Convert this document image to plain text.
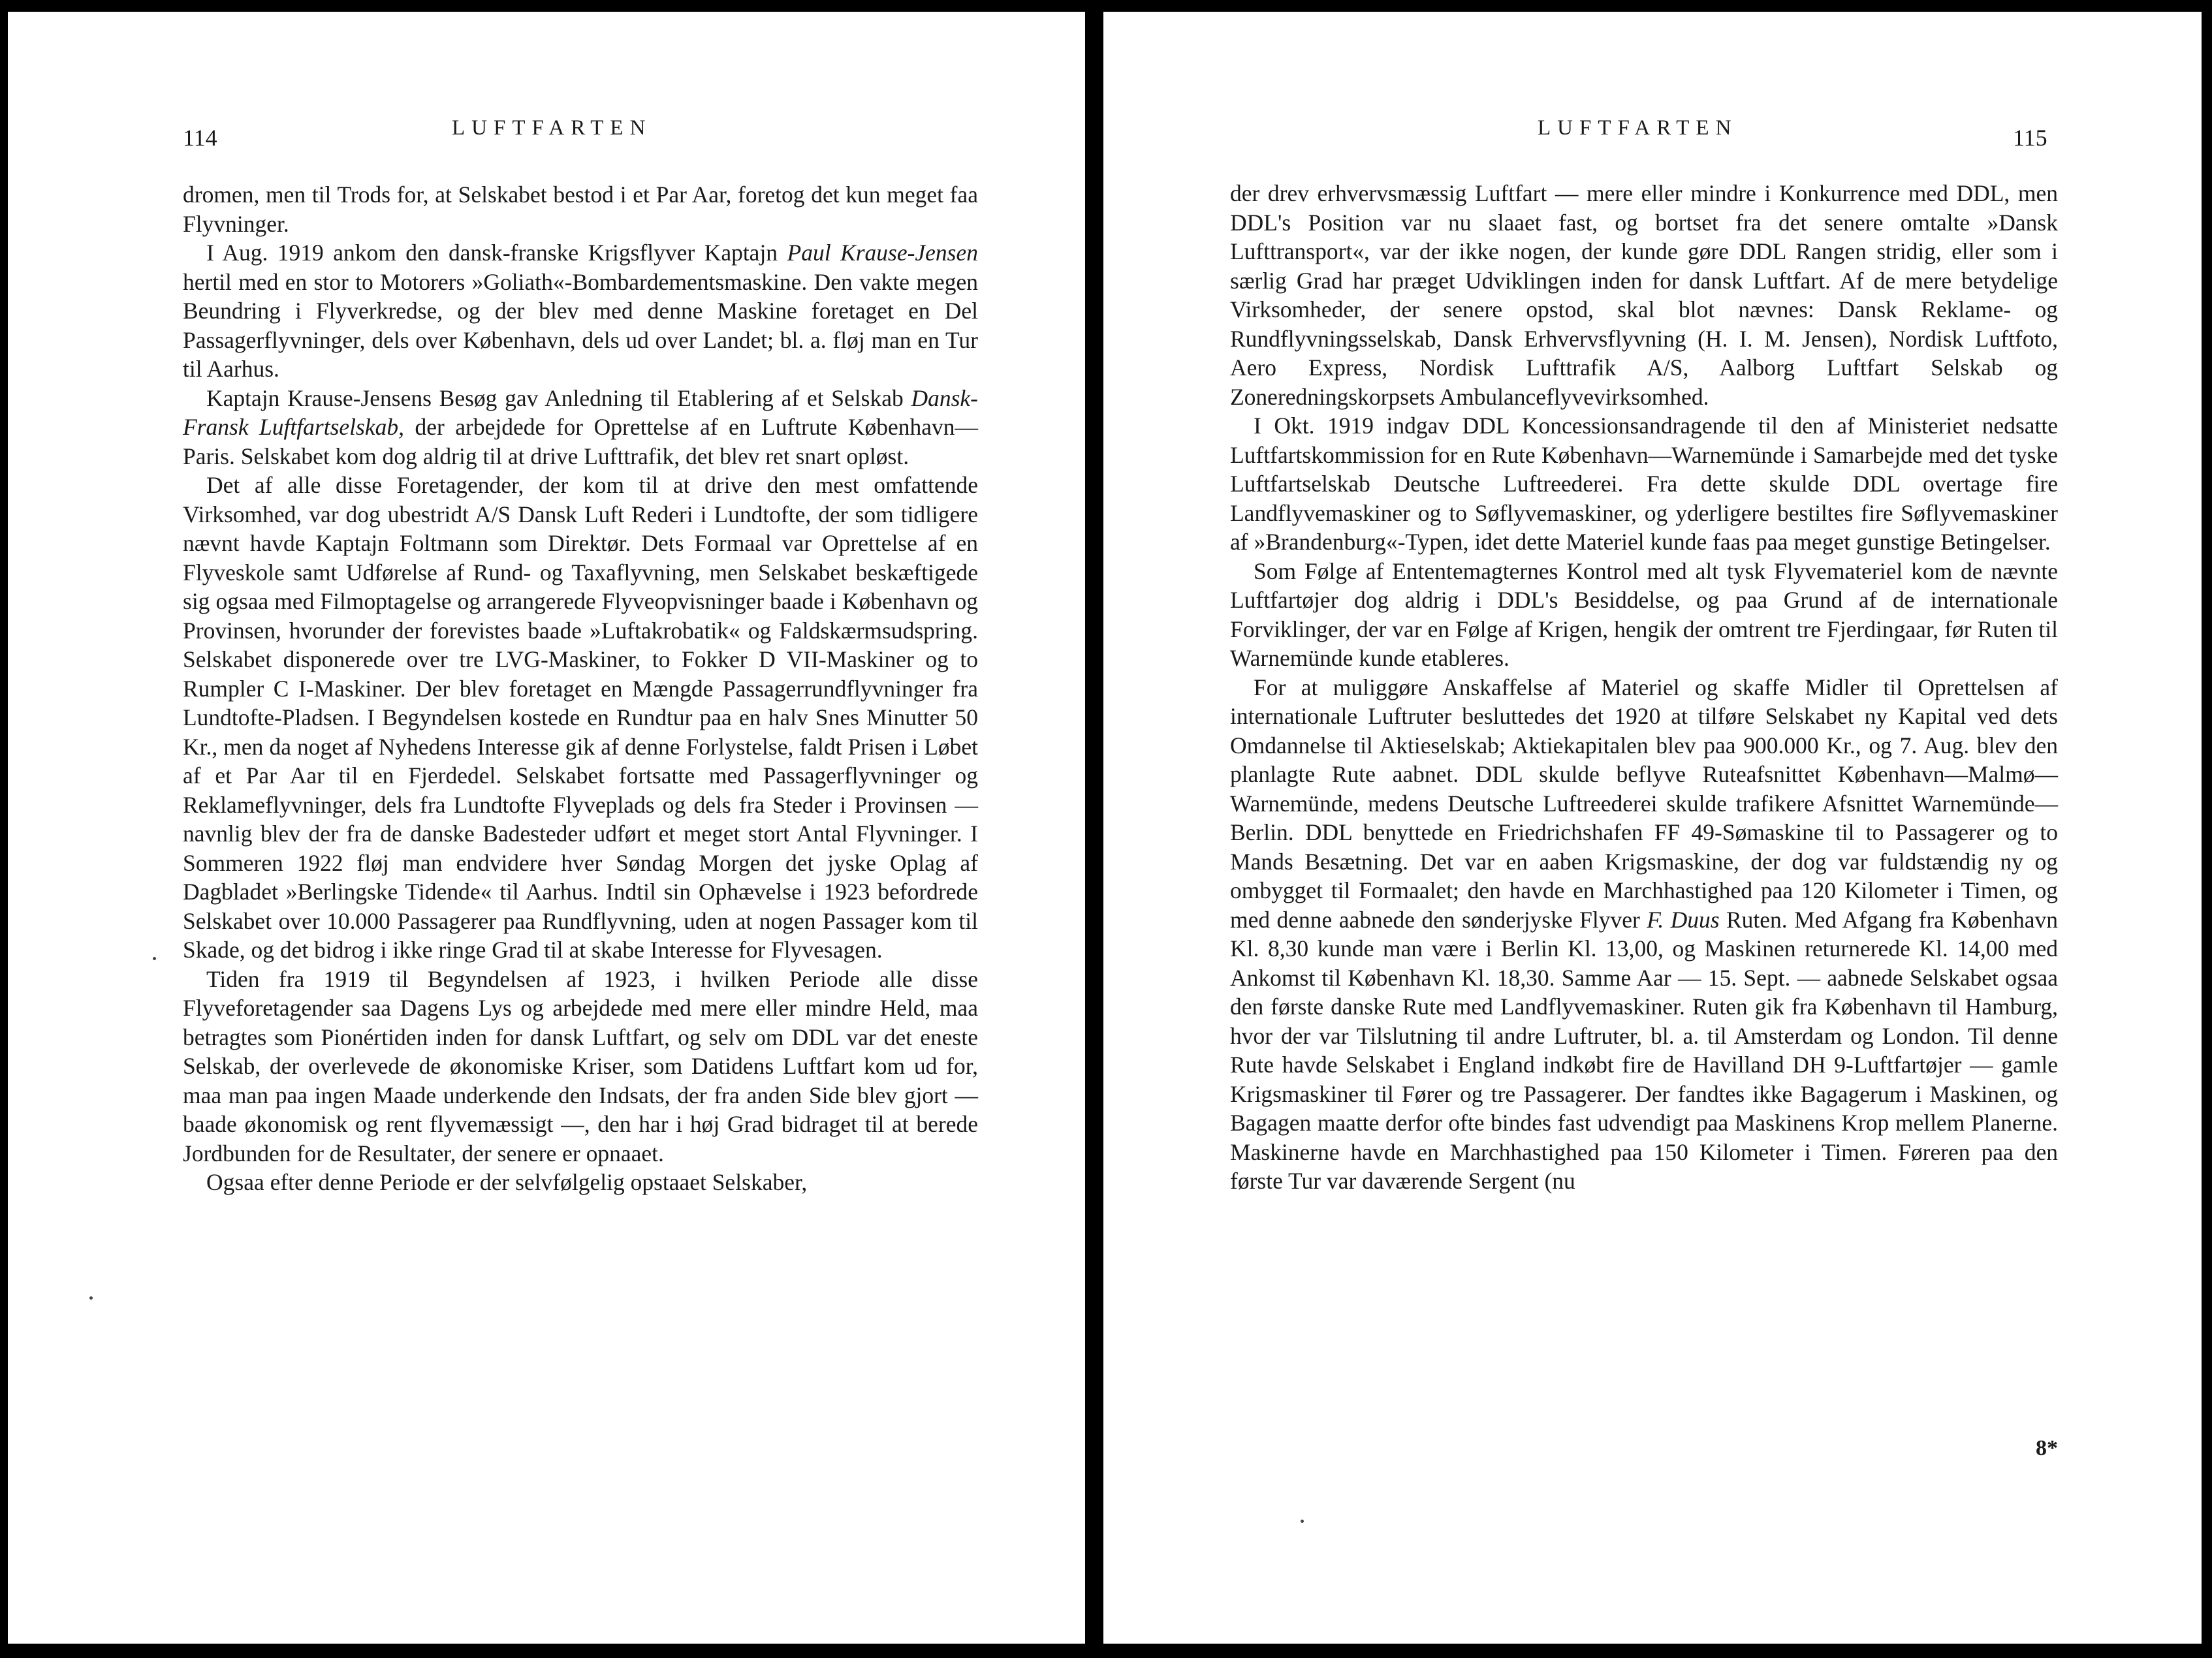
114	LUFTFARTEN

dromen, men til Trods for, at Selskabet bestod i et Par Aar, foretog det kun meget faa Flyvninger.

I Aug. 1919 ankom den dansk-franske Krigsflyver Kaptajn Paul Krause-Jensen hertil med en stor to Motorers »Goliath«-Bombardementsmaskine. Den vakte megen Beundring i Flyverkredse, og der blev med denne Maskine foretaget en Del Passagerflyvninger, dels over København, dels ud over Landet; bl. a. fløj man en Tur til Aarhus.

Kaptajn Krause-Jensens Besøg gav Anledning til Etablering af et Selskab Dansk-Fransk Luftfartselskab, der arbejdede for Oprettelse af en Luftrute København—Paris. Selskabet kom dog aldrig til at drive Lufttrafik, det blev ret snart opløst.

Det af alle disse Foretagender, der kom til at drive den mest omfattende Virksomhed, var dog ubestridt A/S Dansk Luft Rederi i Lundtofte, der som tidligere nævnt havde Kaptajn Foltmann som Direktør. Dets Formaal var Oprettelse af en Flyveskole samt Udførelse af Rund- og Taxaflyvning, men Selskabet beskæftigede sig ogsaa med Filmoptagelse og arrangerede Flyveopvisninger baade i København og Provinsen, hvorunder der forevistes baade »Luftakrobatik« og Faldskærmsudspring. Selskabet disponerede over tre LVG-Maskiner, to Fokker D VII-Maskiner og to Rumpler C I-Maskiner. Der blev foretaget en Mængde Passagerrundflyvninger fra Lundtofte-Pladsen. I Begyndelsen kostede en Rundtur paa en halv Snes Minutter 50 Kr., men da noget af Nyhedens Interesse gik af denne Forlystelse, faldt Prisen i Løbet af et Par Aar til en Fjerdedel. Selskabet fortsatte med Passagerflyvninger og Reklameflyvninger, dels fra Lundtofte Flyveplads og dels fra Steder i Provinsen — navnlig blev der fra de danske Badesteder udført et meget stort Antal Flyvninger. I Sommeren 1922 fløj man endvidere hver Søndag Morgen det jyske Oplag af Dagbladet »Berlingske Tidende« til Aarhus. Indtil sin Ophævelse i 1923 befordrede Selskabet over 10.000 Passagerer paa Rundflyvning, uden at nogen Passager kom til Skade, og det bidrog i ikke ringe Grad til at skabe Interesse for Flyvesagen.

Tiden fra 1919 til Begyndelsen af 1923, i hvilken Periode alle disse Flyveforetagender saa Dagens Lys og arbejdede med mere eller mindre Held, maa betragtes som Pionértiden inden for dansk Luftfart, og selv om DDL var det eneste Selskab, der overlevede de økonomiske Kriser, som Datidens Luftfart kom ud for, maa man paa ingen Maade underkende den Indsats, der fra anden Side blev gjort — baade økonomisk og rent flyvemæssigt —, den har i høj Grad bidraget til at berede Jordbunden for de Resultater, der senere er opnaaet.

Ogsaa efter denne Periode er der selvfølgelig opstaaet Selskaber,

LUFTFARTEN	115

der drev erhvervsmæssig Luftfart — mere eller mindre i Konkurrence med DDL, men DDL's Position var nu slaaet fast, og bortset fra det senere omtalte »Dansk Lufttransport«, var der ikke nogen, der kunde gøre DDL Rangen stridig, eller som i særlig Grad har præget Udviklingen inden for dansk Luftfart. Af de mere betydelige Virksomheder, der senere opstod, skal blot nævnes: Dansk Reklame- og Rundflyvningsselskab, Dansk Erhvervsflyvning (H. I. M. Jensen), Nordisk Luftfoto, Aero Express, Nordisk Lufttrafik A/S, Aalborg Luftfart Selskab og Zoneredningskorpsets Ambulanceflyvevirksomhed.

I Okt. 1919 indgav DDL Koncessionsandragende til den af Ministeriet nedsatte Luftfartskommission for en Rute København—Warnemünde i Samarbejde med det tyske Luftfartselskab Deutsche Luftreederei. Fra dette skulde DDL overtage fire Landflyvemaskiner og to Søflyvemaskiner, og yderligere bestiltes fire Søflyvemaskiner af »Brandenburg«-Typen, idet dette Materiel kunde faas paa meget gunstige Betingelser.

Som Følge af Ententemagternes Kontrol med alt tysk Flyvemateriel kom de nævnte Luftfartøjer dog aldrig i DDL's Besiddelse, og paa Grund af de internationale Forviklinger, der var en Følge af Krigen, hengik der omtrent tre Fjerdingaar, før Ruten til Warnemünde kunde etableres.

For at muliggøre Anskaffelse af Materiel og skaffe Midler til Oprettelsen af internationale Luftruter besluttedes det 1920 at tilføre Selskabet ny Kapital ved dets Omdannelse til Aktieselskab; Aktiekapitalen blev paa 900.000 Kr., og 7. Aug. blev den planlagte Rute aabnet. DDL skulde beflyve Ruteafsnittet København—Malmø—Warnemünde, medens Deutsche Luftreederei skulde trafikere Afsnittet Warnemünde—Berlin. DDL benyttede en Friedrichshafen FF 49-Sømaskine til to Passagerer og to Mands Besætning. Det var en aaben Krigsmaskine, der dog var fuldstændig ny og ombygget til Formaalet; den havde en Marchhastighed paa 120 Kilometer i Timen, og med denne aabnede den sønderjyske Flyver F. Duus Ruten. Med Afgang fra København Kl. 8,30 kunde man være i Berlin Kl. 13,00, og Maskinen returnerede Kl. 14,00 med Ankomst til København Kl. 18,30. Samme Aar — 15. Sept. — aabnede Selskabet ogsaa den første danske Rute med Landflyvemaskiner. Ruten gik fra København til Hamburg, hvor der var Tilslutning til andre Luftruter, bl. a. til Amsterdam og London. Til denne Rute havde Selskabet i England indkøbt fire de Havilland DH 9-Luftfartøjer — gamle Krigsmaskiner til Fører og tre Passagerer. Der fandtes ikke Bagagerum i Maskinen, og Bagagen maatte derfor ofte bindes fast udvendigt paa Maskinens Krop mellem Planerne. Maskinerne havde en Marchhastighed paa 150 Kilometer i Timen. Føreren paa den første Tur var daværende Sergent (nu

8*
